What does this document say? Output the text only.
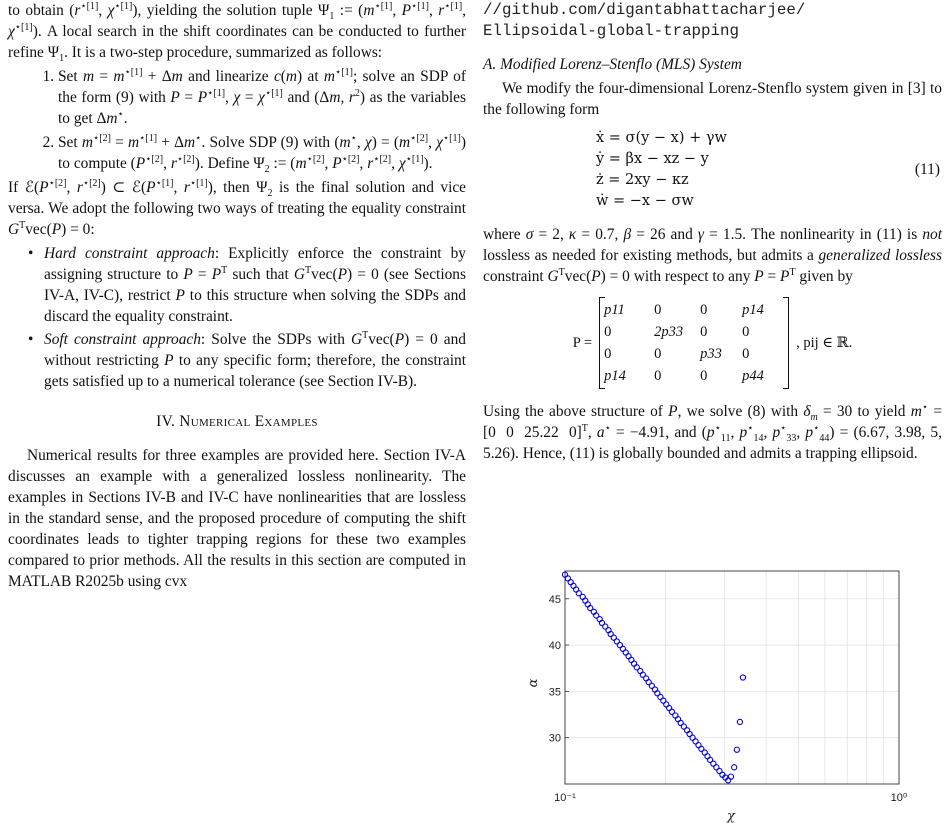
to obtain ($r^{⋆[1]}$, $\chi^{⋆[1]}$), yielding the solution tuple $\Psi_1$ := ($m^{⋆[1]}$, $P^{⋆[1]}$, $r^{⋆[1]}$, $\chi^{⋆[1]}$). A local search in the shift coordinates can be conducted to further refine $\Psi_1$. It is a two-step procedure, summarized as follows:

1. Set $m = m^{⋆[1]} + \Delta m$ and linearize c(m) at $m^{⋆[1]}$; solve an SDP of the form (9) with $P = P^{⋆[1]}$, $\chi = \chi^{⋆[1]}$ and (Δm, $r^2$) as the variables to get Δm⋆.
2. Set $m^{⋆[2]} = m^{⋆[1]} + \Delta m^⋆$. Solve SDP (9) with (m⋆, $\chi) = (m^{⋆[2]}$, $\chi^{⋆[1]}$) to compute ($P^{⋆[2]}$, $r^{⋆[2]}$). Define $\Psi_2$ := ($m^{⋆[2]}$, $P^{⋆[2]}$, $r^{⋆[2]}$, $\chi^{⋆[1]}$).

If $ℰ(P^{⋆[2]}$, $r^{⋆[2]}$) ⊂ $ℰ(P^{⋆[1]}$, $r^{⋆[1]}$), then $\Psi_2$ is the final solution and vice versa. We adopt the following two ways of treating the equality constraint $G^Tvec(P) = 0$:

• Hard constraint approach: Explicitly enforce the constraint by assigning structure to $P = P^T$ such that $G^Tvec(P) = 0$ (see Sections IV-A, IV-C), restrict P to this structure when solving the SDPs and discard the equality constraint.
• Soft constraint approach: Solve the SDPs with $G^Tvec(P) = 0$ and without restricting P to any specific form; therefore, the constraint gets satisfied up to a numerical tolerance (see Section IV-B).
IV. Numerical Examples

Numerical results for three examples are provided here. Section IV-A discusses an example with a generalized lossless nonlinearity. The examples in Sections IV-B and IV-C have nonlinearities that are lossless in the standard sense, and the proposed procedure of computing the shift coordinates leads to tighter trapping regions for these two examples compared to prior methods. All the results in this section are computed in MATLAB R2025b using cvx

//github.com/digantabhattacharjee/
Ellipsoidal-global-trapping
A. Modified Lorenz–Stenflo (MLS) System

We modify the four-dimensional Lorenz-Stenflo system given in [3] to the following form

ẋ = σ(y − x) + γw
ẏ = βx − xz − y
ż = 2xy − κz
ẇ = −x − σw
(11)

where σ = 2, κ = 0.7, β = 26 and γ = 1.5. The nonlinearity in (11) is not lossless as needed for existing methods, but admits a generalized lossless constraint $G^Tvec(P) = 0$ with respect to any $P = P^T$ given by

P =
p11	0	0	p14
0	2p33	0	0
0	0	p33	0
p14	0	0	p44
, pij ∈ ℝ.

Using the above structure of P, we solve (8) with $\delta_m = 30$ to yield m⋆ = [0  0  25.22  0]$^T$, a⋆ = −4.91, and ($p^⋆_{11}$, $p^⋆_{14}$, $p^⋆_{33}$, $p^⋆_{44}) = (6.67$, 3.98, 5, 5.26). Hence, (11) is globally bounded and admits a trapping ellipsoid.

30
35
40
45
10⁻¹	10⁰
χ
α
